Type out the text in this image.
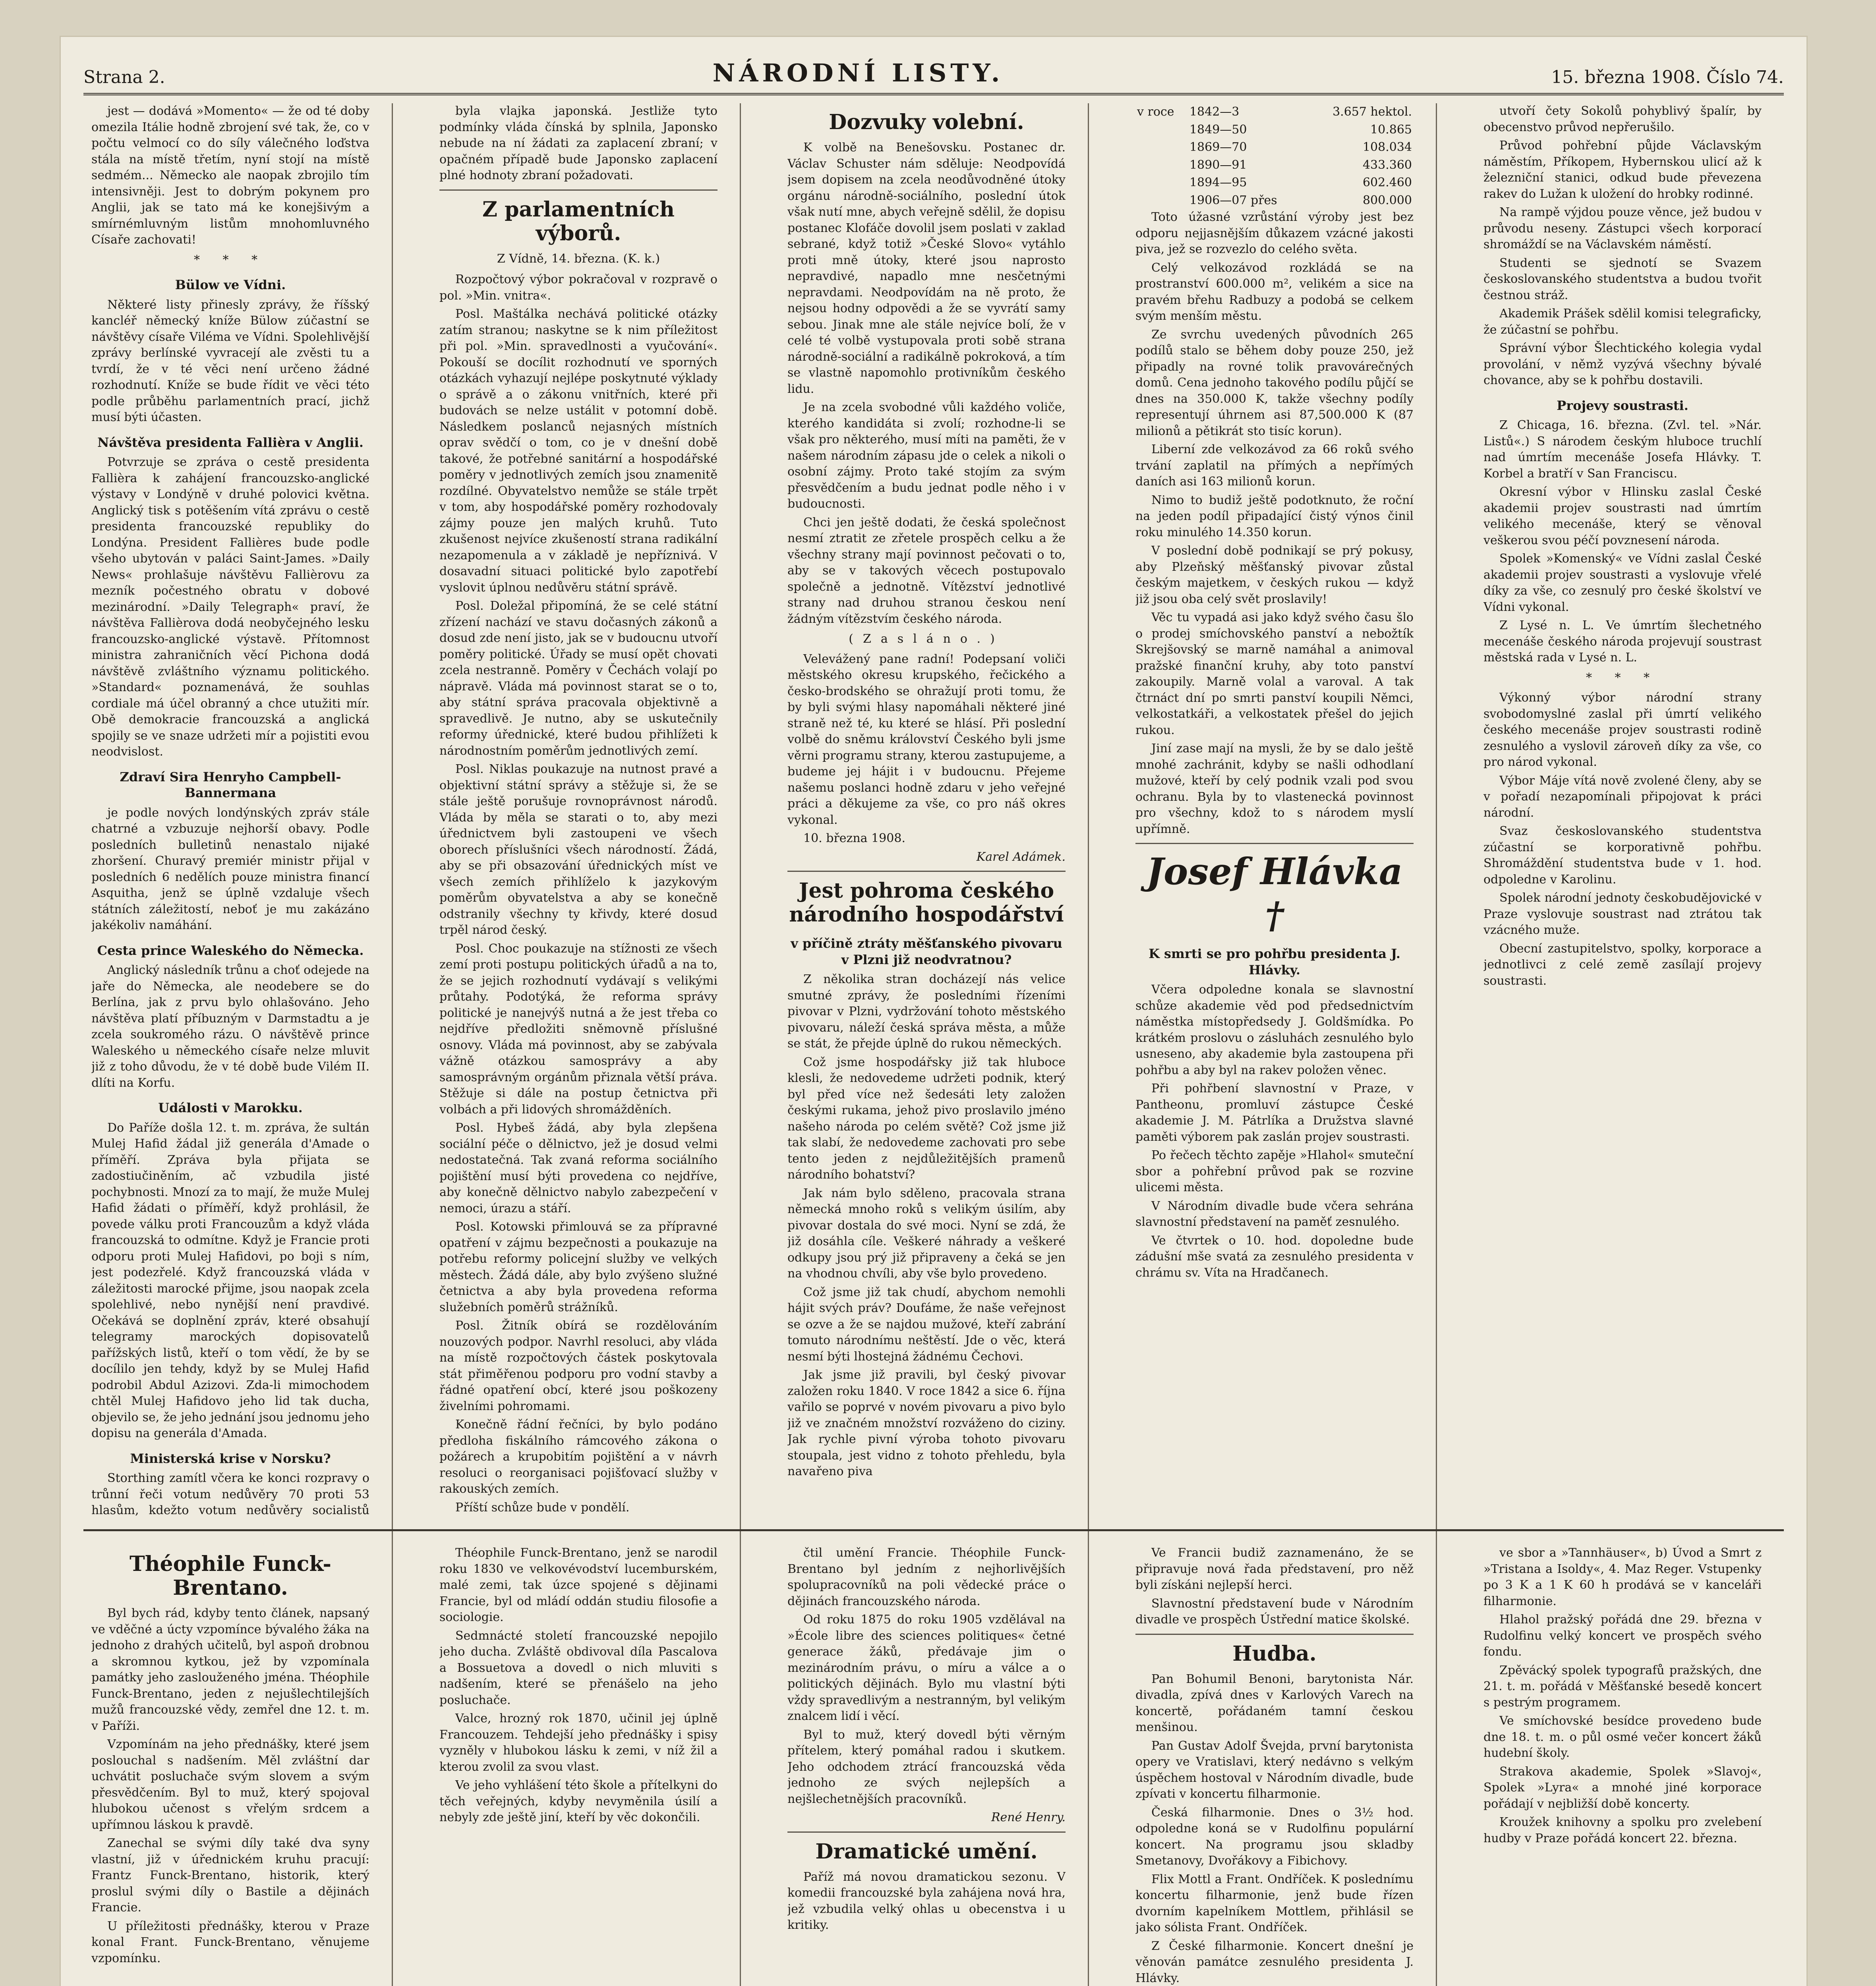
Strana 2.	NÁRODNÍ LISTY.	15. března 1908. Číslo 74.

jest — dodává »Momento« — že od té doby omezila Itálie hodně zbrojení své tak, že, co v počtu velmocí co do síly válečného loďstva stála na místě třetím, nyní stojí na místě sedmém... Německo ale naopak zbrojilo tím intensivněji. Jest to dobrým pokynem pro Anglii, jak se tato má ke konejšivým a smírnémluvným listům mnohomluvného Císaře zachovati!

* * *
Bülow ve Vídni.

Některé listy přinesly zprávy, že říšský kancléř německý kníže Bülow zúčastní se návštěvy císaře Viléma ve Vídni. Spolehlivější zprávy berlínské vyvracejí ale zvěsti tu a tvrdí, že v té věci není určeno žádné rozhodnutí. Kníže se bude řídit ve věci této podle průběhu parlamentních prací, jichž musí býti účasten.

Návštěva presidenta Fallièra v Anglii.

Potvrzuje se zpráva o cestě presidenta Fallièra k zahájení francouzsko-anglické výstavy v Londýně v druhé polovici května. Anglický tisk s potěšením vítá zprávu o cestě presidenta francouzské republiky do Londýna. President Fallières bude podle všeho ubytován v paláci Saint-James. »Daily News« prohlašuje návštěvu Fallièrovu za mezník počestného obratu v dobové mezinárodní. »Daily Telegraph« praví, že návštěva Fallièrova dodá neobyčejného lesku francouzsko-anglické výstavě. Přítomnost ministra zahraničních věcí Pichona dodá návštěvě zvláštního významu politického. »Standard« poznamenává, že souhlas cordiale má účel obranný a chce utužiti mír. Obě demokracie francouzská a anglická spojily se ve snaze udržeti mír a pojistiti evou neodvislost.

Zdraví Sira Henryho Campbell-Bannermana

je podle nových londýnských zpráv stále chatrné a vzbuzuje nejhorší obavy. Podle posledních bulletinů nenastalo nijaké zhoršení. Churavý premiér ministr přijal v posledních 6 nedělích pouze ministra financí Asquitha, jenž se úplně vzdaluje všech státních záležitostí, neboť je mu zakázáno jakékoliv namáhání.

Cesta prince Waleského do Německa.

Anglický následník trůnu a choť odejede na jaře do Německa, ale neodebere se do Berlína, jak z prvu bylo ohlašováno. Jeho návštěva platí příbuzným v Darmstadtu a je zcela soukromého rázu. O návštěvě prince Waleského u německého císaře nelze mluvit již z toho důvodu, že v té době bude Vilém II. dlíti na Korfu.

Události v Marokku.

Do Paříže došla 12. t. m. zpráva, že sultán Mulej Hafid žádal již generála d'Amade o příměří. Zpráva byla přijata se zadostiučiněním, ač vzbudila jisté pochybnosti. Mnozí za to mají, že muže Mulej Hafid žádati o příměří, když prohlásil, že povede válku proti Francouzům a když vláda francouzská to odmítne. Když je Francie proti odporu proti Mulej Hafidovi, po boji s ním, jest podezřelé. Když francouzská vláda v záležitosti marocké přijme, jsou naopak zcela spolehlivé, nebo nynější není pravdivé. Očekává se doplnění zpráv, které obsahují telegramy marockých dopisovatelů pařížských listů, kteří o tom vědí, že by se docílilo jen tehdy, když by se Mulej Hafid podrobil Abdul Azizovi. Zda-li mimochodem chtěl Mulej Hafidovo jeho lid tak ducha, objevilo se, že jeho jednání jsou jednomu jeho dopisu na generála d'Amada.

Ministerská krise v Norsku?

Storthing zamítl včera ke konci rozpravy o trůnní řeči votum nedůvěry 70 proti 53 hlasům, kdežto votum nedůvěry socialistů

byla vlajka japonská. Jestliže tyto podmínky vláda čínská by splnila, Japonsko nebude na ní žádati za zaplacení zbraní; v opačném případě bude Japonsko zaplacení plné hodnoty zbraní požadovati.

Z parlamentních výborů.
Z Vídně, 14. března. (K. k.)

Rozpočtový výbor pokračoval v rozpravě o pol. »Min. vnitra«.

Posl. Maštálka nechává politické otázky zatím stranou; naskytne se k nim příležitost při pol. »Min. spravedlnosti a vyučování«. Pokouší se docílit rozhodnutí ve sporných otázkách vyhazují nejlépe poskytnuté výklady o správě a o zákonu vnitřních, které při budovách se nelze ustálit v potomní době. Následkem poslanců nejasných místních oprav svědčí o tom, co je v dnešní době takové, že potřebné sanitární a hospodářské poměry v jednotlivých zemích jsou znamenitě rozdílné. Obyvatelstvo nemůže se stále trpět v tom, aby hospodářské poměry rozhodovaly zájmy pouze jen malých kruhů. Tuto zkušenost nejvíce zkušeností strana radikální nezapomenula a v základě je nepříznivá. V dosavadní situaci politické bylo zapotřebí vyslovit úplnou nedůvěru státní správě.

Posl. Doležal připomíná, že se celé státní zřízení nachází ve stavu dočasných zákonů a dosud zde není jisto, jak se v budoucnu utvoří poměry politické. Úřady se musí opět chovati zcela nestranně. Poměry v Čechách volají po nápravě. Vláda má povinnost starat se o to, aby státní správa pracovala objektivně a spravedlivě. Je nutno, aby se uskutečnily reformy úřednické, které budou přihlížeti k národnostním poměrům jednotlivých zemí.

Posl. Niklas poukazuje na nutnost pravé a objektivní státní správy a stěžuje si, že se stále ještě porušuje rovnoprávnost národů. Vláda by měla se starati o to, aby mezi úřednictvem byli zastoupeni ve všech oborech příslušníci všech národností. Žádá, aby se při obsazování úřednických míst ve všech zemích přihlíželo k jazykovým poměrům obyvatelstva a aby se konečně odstranily všechny ty křivdy, které dosud trpěl národ český.

Posl. Choc poukazuje na stížnosti ze všech zemí proti postupu politických úřadů a na to, že se jejich rozhodnutí vydávají s velikými průtahy. Podotýká, že reforma správy politické je nanejvýš nutná a že jest třeba co nejdříve předložiti sněmovně příslušné osnovy. Vláda má povinnost, aby se zabývala vážně otázkou samosprávy a aby samosprávným orgánům přiznala větší práva. Stěžuje si dále na postup četnictva při volbách a při lidových shromážděních.

Posl. Hybeš žádá, aby byla zlepšena sociální péče o dělnictvo, jež je dosud velmi nedostatečná. Tak zvaná reforma sociálního pojištění musí býti provedena co nejdříve, aby konečně dělnictvo nabylo zabezpečení v nemoci, úrazu a stáří.

Posl. Kotowski přimlouvá se za přípravné opatření v zájmu bezpečnosti a poukazuje na potřebu reformy policejní služby ve velkých městech. Žádá dále, aby bylo zvýšeno služné četnictva a aby byla provedena reforma služebních poměrů strážníků.

Posl. Žitník obírá se rozdělováním nouzových podpor. Navrhl resoluci, aby vláda na místě rozpočtových částek poskytovala stát přiměřenou podporu pro vodní stavby a řádné opatření obcí, které jsou poškozeny živelními pohromami.

Konečně řádní řečníci, by bylo podáno předloha fiskálního rámcového zákona o požárech a krupobitím pojištění a v návrh resoluci o reorganisaci pojišťovací služby v rakouských zemích.

Příští schůze bude v pondělí.

Dozvuky volební.

K volbě na Benešovsku. Postanec dr. Václav Schuster nám sděluje: Neodpovídá jsem dopisem na zcela neodůvodněné útoky orgánu národně-sociálního, poslední útok však nutí mne, abych veřejně sdělil, že dopisu postanec Klofáče dovolil jsem poslati v zaklad sebrané, když totiž »České Slovo« vytáhlo proti mně útoky, které jsou naprosto nepravdivé, napadlo mne nesčetnými nepravdami. Neodpovídám na ně proto, že nejsou hodny odpovědi a že se vyvrátí samy sebou. Jinak mne ale stále nejvíce bolí, že v celé té volbě vystupovala proti sobě strana národně-sociální a radikálně pokroková, a tím se vlastně napomohlo protivníkům českého lidu.

Je na zcela svobodné vůli každého voliče, kterého kandidáta si zvolí; rozhodne-li se však pro některého, musí míti na paměti, že v našem národním zápasu jde o celek a nikoli o osobní zájmy. Proto také stojím za svým přesvědčením a budu jednat podle něho i v budoucnosti.

Chci jen ještě dodati, že česká společnost nesmí ztratit ze zřetele prospěch celku a že všechny strany mají povinnost pečovati o to, aby se v takových věcech postupovalo společně a jednotně. Vítězství jednotlivé strany nad druhou stranou českou není žádným vítězstvím českého národa.

(Zasláno.)

Velevážený pane radní! Podepsaní voliči městského okresu krupského, řečického a česko-brodského se ohražují proti tomu, že by byli svými hlasy napomáhali některé jiné straně než té, ku které se hlásí. Při poslední volbě do sněmu království Českého byli jsme věrni programu strany, kterou zastupujeme, a budeme jej hájit i v budoucnu. Přejeme našemu poslanci hodně zdaru v jeho veřejné práci a děkujeme za vše, co pro náš okres vykonal.

10. března 1908.

Karel Adámek.

Jest pohroma českého národního hospodářství
v příčině ztráty měšťanského pivovaru v Plzni již neodvratnou?

Z několika stran docházejí nás velice smutné zprávy, že posledními řízeními pivovar v Plzni, vydržování tohoto městského pivovaru, náleží česká správa města, a může se stát, že přejde úplně do rukou německých.

Což jsme hospodářsky již tak hluboce klesli, že nedovedeme udržeti podnik, který byl před více než šedesáti lety založen českými rukama, jehož pivo proslavilo jméno našeho národa po celém světě? Což jsme již tak slabí, že nedovedeme zachovati pro sebe tento jeden z nejdůležitějších pramenů národního bohatství?

Jak nám bylo sděleno, pracovala strana německá mnoho roků s velikým úsilím, aby pivovar dostala do své moci. Nyní se zdá, že již dosáhla cíle. Veškeré náhrady a veškeré odkupy jsou prý již připraveny a čeká se jen na vhodnou chvíli, aby vše bylo provedeno.

Což jsme již tak chudí, abychom nemohli hájit svých práv? Doufáme, že naše veřejnost se ozve a že se najdou mužové, kteří zabrání tomuto národnímu neštěstí. Jde o věc, která nesmí býti lhostejná žádnému Čechovi.

Jak jsme již pravili, byl český pivovar založen roku 1840. V roce 1842 a sice 6. října vařilo se poprvé v novém pivovaru a pivo bylo již ve značném množství rozváženo do ciziny. Jak rychle pivní výroba tohoto pivovaru stoupala, jest vidno z tohoto přehledu, byla navařeno piva

v roce	1842—3	3.657 hektol.
	1849—50	10.865
	1869—70	108.034
	1890—91	433.360
	1894—95	602.460
	1906—07 přes	800.000

Toto úžasné vzrůstání výroby jest bez odporu nejjasnějším důkazem vzácné jakosti piva, jež se rozvezlo do celého světa.

Celý velkozávod rozkládá se na prostranství 600.000 m², velikém a sice na pravém břehu Radbuzy a podobá se celkem svým menším městu.

Ze svrchu uvedených původních 265 podílů stalo se během doby pouze 250, jež připadly na rovné tolik pravovárečných domů. Cena jednoho takového podílu půjčí se dnes na 350.000 K, takže všechny podíly representují úhrnem asi 87,500.000 K (87 milionů a pětikrát sto tisíc korun).

Liberní zde velkozávod za 66 roků svého trvání zaplatil na přímých a nepřímých daních asi 163 milionů korun.

Nimo to budiž ještě podotknuto, že roční na jeden podíl připadající čistý výnos činil roku minulého 14.350 korun.

V poslední době podnikají se prý pokusy, aby Plzeňský měšťanský pivovar zůstal českým majetkem, v českých rukou — když již jsou oba celý svět proslavily!

Věc tu vypadá asi jako když svého času šlo o prodej smíchovského panství a nebožtík Skrejšovský se marně namáhal a animoval pražské finanční kruhy, aby toto panství zakoupily. Marně volal a varoval. A tak čtrnáct dní po smrti panství koupili Němci, velkostatkáři, a velkostatek přešel do jejich rukou.

Jiní zase mají na mysli, že by se dalo ještě mnohé zachránit, kdyby se našli odhodlaní mužové, kteří by celý podnik vzali pod svou ochranu. Byla by to vlastenecká povinnost pro všechny, kdož to s národem myslí upřímně.

Josef Hlávka †
K smrti se pro pohřbu presidenta J. Hlávky.

Včera odpoledne konala se slavnostní schůze akademie věd pod předsednictvím náměstka místopředsedy J. Goldšmídka. Po krátkém proslovu o zásluhách zesnulého bylo usneseno, aby akademie byla zastoupena při pohřbu a aby byl na rakev položen věnec.

Při pohřbení slavnostní v Praze, v Pantheonu, promluví zástupce České akademie J. M. Pátrlíka a Družstva slavné paměti výborem pak zaslán projev soustrasti.

Po řečech těchto zapěje »Hlahol« smuteční sbor a pohřební průvod pak se rozvine ulicemi města.

V Národním divadle bude včera sehrána slavnostní představení na paměť zesnulého.

Ve čtvrtek o 10. hod. dopoledne bude zádušní mše svatá za zesnulého presidenta v chrámu sv. Víta na Hradčanech.

utvoří čety Sokolů pohyblivý špalír, by obecenstvo průvod nepřerušilo.

Průvod pohřební půjde Václavským náměstím, Příkopem, Hybernskou ulicí až k železniční stanici, odkud bude převezena rakev do Lužan k uložení do hrobky rodinné.

Na rampě výjdou pouze věnce, jež budou v průvodu neseny. Zástupci všech korporací shromáždí se na Václavském náměstí.

Studenti se sjednotí se Svazem českoslovanského studentstva a budou tvořit čestnou stráž.

Akademik Prášek sdělil komisi telegraficky, že zúčastní se pohřbu.

Správní výbor Šlechtického kolegia vydal provolání, v němž vyzývá všechny bývalé chovance, aby se k pohřbu dostavili.

Projevy soustrasti.

Z Chicaga, 16. března. (Zvl. tel. »Nár. Listů«.) S národem českým hluboce truchlí nad úmrtím mecenáše Josefa Hlávky. T. Korbel a bratří v San Franciscu.

Okresní výbor v Hlinsku zaslal České akademii projev soustrasti nad úmrtím velikého mecenáše, který se věnoval veškerou svou péčí povznesení národa.

Spolek »Komenský« ve Vídni zaslal České akademii projev soustrasti a vyslovuje vřelé díky za vše, co zesnulý pro české školství ve Vídni vykonal.

Z Lysé n. L. Ve úmrtím šlechetného mecenáše českého národa projevují soustrast městská rada v Lysé n. L.

* * *

Výkonný výbor národní strany svobodomyslné zaslal při úmrtí velikého českého mecenáše projev soustrasti rodině zesnulého a vyslovil zároveň díky za vše, co pro národ vykonal.

Výbor Máje vítá nově zvolené členy, aby se v pořadí nezapomínali připojovat k práci národní.

Svaz českoslovanského studentstva zúčastní se korporativně pohřbu. Shromáždění studentstva bude v 1. hod. odpoledne v Karolinu.

Spolek národní jednoty českobudějovické v Praze vyslovuje soustrast nad ztrátou tak vzácného muže.

Obecní zastupitelstvo, spolky, korporace a jednotlivci z celé země zasílají projevy soustrasti.

Théophile Funck-Brentano.

Byl bych rád, kdyby tento článek, napsaný ve vděčné a úcty vzpomínce bývalého žáka na jednoho z drahých učitelů, byl aspoň drobnou a skromnou kytkou, jež by vzpomínala památky jeho zaslouženého jména. Théophile Funck-Brentano, jeden z nejušlechtilejších mužů francouzské vědy, zemřel dne 12. t. m. v Paříži.

Vzpomínám na jeho přednášky, které jsem poslouchal s nadšením. Měl zvláštní dar uchvátit posluchače svým slovem a svým přesvědčením. Byl to muž, který spojoval hlubokou učenost s vřelým srdcem a upřímnou láskou k pravdě.

Zanechal se svými díly také dva syny vlastní, již v úřednickém kruhu pracují: Frantz Funck-Brentano, historik, který proslul svými díly o Bastile a dějinách Francie.

U příležitosti přednášky, kterou v Praze konal Frant. Funck-Brentano, věnujeme vzpomínku.

Théophile Funck-Brentano, jenž se narodil roku 1830 ve velkovévodství lucemburském, malé zemi, tak úzce spojené s dějinami Francie, byl od mládí oddán studiu filosofie a sociologie.

Sedmnácté století francouzské nepojilo jeho ducha. Zvláště obdivoval díla Pascalova a Bossuetova a dovedl o nich mluviti s nadšením, které se přenášelo na jeho posluchače.

Valce, hrozný rok 1870, učinil jej úplně Francouzem. Tehdejší jeho přednášky i spisy vyzněly v hlubokou lásku k zemi, v níž žil a kterou zvolil za svou vlast.

Ve jeho vyhlášení této škole a přítelkyni do těch veřejných, kdyby nevyměnila úsilí a nebyly zde ještě jiní, kteří by věc dokončili.

čtil umění Francie. Théophile Funck-Brentano byl jedním z nejhorlivějších spolupracovníků na poli vědecké práce o dějinách francouzského národa.

Od roku 1875 do roku 1905 vzdělával na »École libre des sciences politiques« četné generace žáků, předávaje jim o mezinárodním právu, o míru a válce a o politických dějinách. Bylo mu vlastní býti vždy spravedlivým a nestranným, byl velikým znalcem lidí i věcí.

Byl to muž, který dovedl býti věrným přítelem, který pomáhal radou i skutkem. Jeho odchodem ztrácí francouzská věda jednoho ze svých nejlepších a nejšlechetnějších pracovníků.

René Henry.

Dramatické umění.

Paříž má novou dramatickou sezonu. V komedii francouzské byla zahájena nová hra, jež vzbudila velký ohlas u obecenstva i u kritiky.

Ve Francii budiž zaznamenáno, že se připravuje nová řada představení, pro něž byli získáni nejlepší herci.

Slavnostní představení bude v Národním divadle ve prospěch Ústřední matice školské.

Hudba.

Pan Bohumil Benoni, barytonista Nár. divadla, zpívá dnes v Karlových Varech na koncertě, pořádaném tamní českou menšinou.

Pan Gustav Adolf Švejda, první barytonista opery ve Vratislavi, který nedávno s velkým úspěchem hostoval v Národním divadle, bude zpívati v koncertu filharmonie.

Česká filharmonie. Dnes o 3½ hod. odpoledne koná se v Rudolfinu populární koncert. Na programu jsou skladby Smetanovy, Dvořákovy a Fibichovy.

Flix Mottl a Frant. Ondříček. K poslednímu koncertu filharmonie, jenž bude řízen dvorním kapelníkem Mottlem, přihlásil se jako sólista Frant. Ondříček.

Z České filharmonie. Koncert dnešní je věnován památce zesnulého presidenta J. Hlávky.

ve sbor a »Tannhäuser«, b) Úvod a Smrt z »Tristana a Isoldy«, 4. Maz Reger. Vstupenky po 3 K a 1 K 60 h prodává se v kanceláři filharmonie.

Hlahol pražský pořádá dne 29. března v Rudolfinu velký koncert ve prospěch svého fondu.

Zpěvácký spolek typografů pražských, dne 21. t. m. pořádá v Měšťanské besedě koncert s pestrým programem.

Ve smíchovské besídce provedeno bude dne 18. t. m. o půl osmé večer koncert žáků hudební školy.

Strakova akademie, Spolek »Slavoj«, Spolek »Lyra« a mnohé jiné korporace pořádají v nejbližší době koncerty.

Kroužek knihovny a spolku pro zvelebení hudby v Praze pořádá koncert 22. března.
